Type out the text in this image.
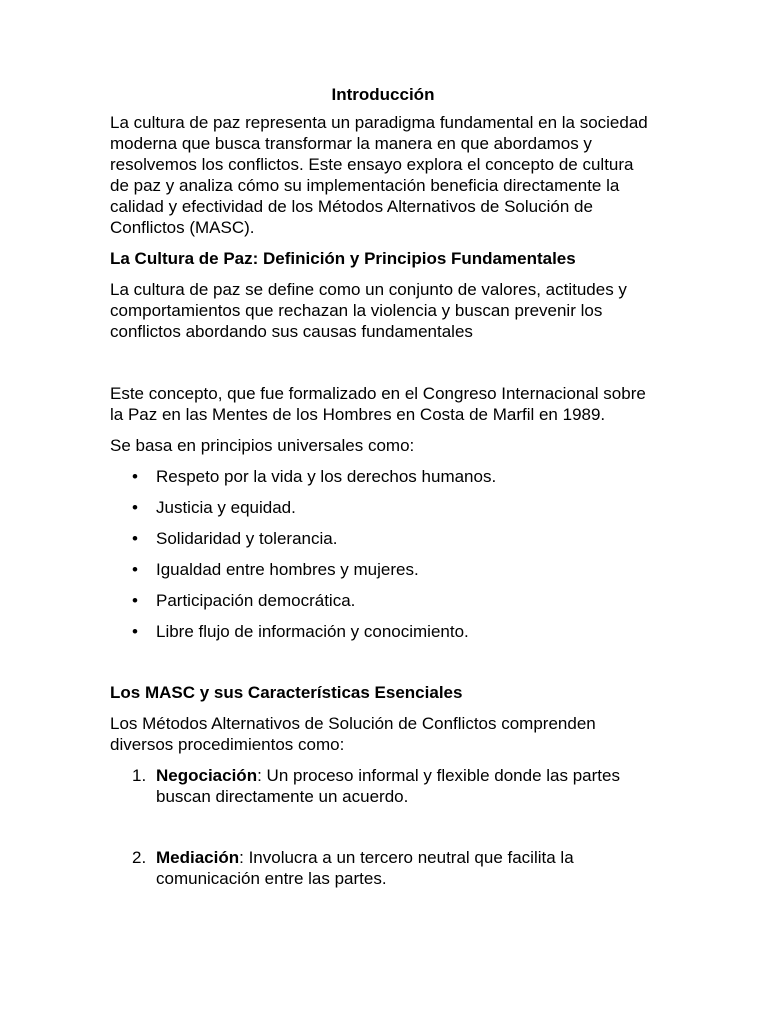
Introducción

La cultura de paz representa un paradigma fundamental en la sociedad moderna que busca transformar la manera en que abordamos y resolvemos los conflictos. Este ensayo explora el concepto de cultura de paz y analiza cómo su implementación beneficia directamente la calidad y efectividad de los Métodos Alternativos de Solución de Conflictos (MASC).

La Cultura de Paz: Definición y Principios Fundamentales

La cultura de paz se define como un conjunto de valores, actitudes y comportamientos que rechazan la violencia y buscan prevenir los conflictos abordando sus causas fundamentales

Este concepto, que fue formalizado en el Congreso Internacional sobre la Paz en las Mentes de los Hombres en Costa de Marfil en 1989.

Se basa en principios universales como:

• Respeto por la vida y los derechos humanos.
• Justicia y equidad.
• Solidaridad y tolerancia.
• Igualdad entre hombres y mujeres.
• Participación democrática.
• Libre flujo de información y conocimiento.

Los MASC y sus Características Esenciales

Los Métodos Alternativos de Solución de Conflictos comprenden diversos procedimientos como:

1. Negociación: Un proceso informal y flexible donde las partes buscan directamente un acuerdo.
2. Mediación: Involucra a un tercero neutral que facilita la comunicación entre las partes.
